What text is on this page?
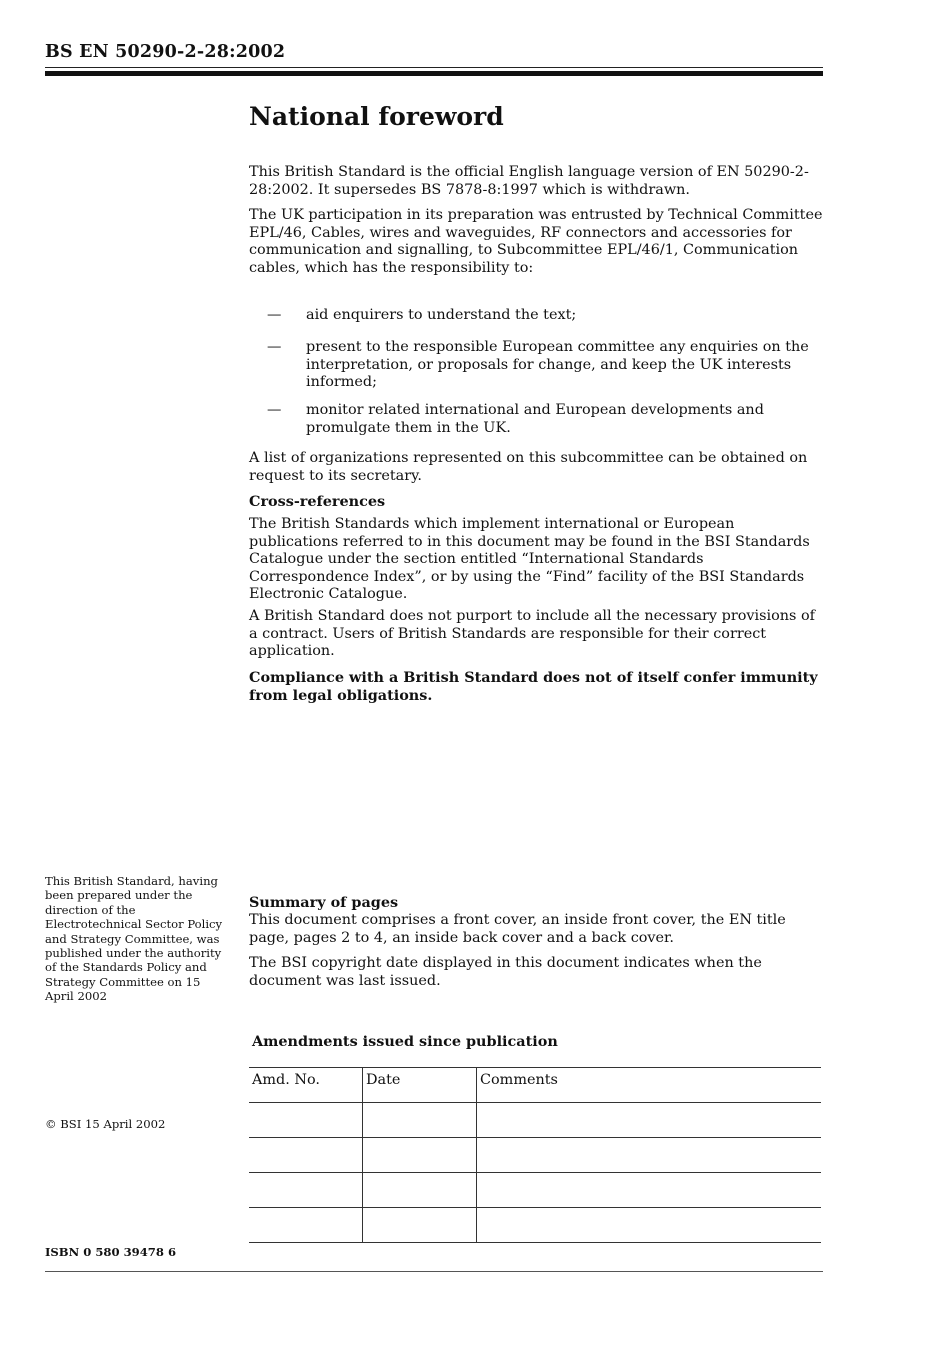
BS EN 50290-2-28:2002
National foreword

This British Standard is the official English language version of EN 50290-2-28:2002. It supersedes BS 7878-8:1997 which is withdrawn.

The UK participation in its preparation was entrusted by Technical Committee EPL/46, Cables, wires and waveguides, RF connectors and accessories for communication and signalling, to Subcommittee EPL/46/1, Communication cables, which has the responsibility to:

—	aid enquirers to understand the text;
—	present to the responsible European committee any enquiries on the interpretation, or proposals for change, and keep the UK interests informed;
—	monitor related international and European developments and promulgate them in the UK.

A list of organizations represented on this subcommittee can be obtained on request to its secretary.

Cross-references

The British Standards which implement international or European publications referred to in this document may be found in the BSI Standards Catalogue under the section entitled “International Standards Correspondence Index”, or by using the “Find” facility of the BSI Standards Electronic Catalogue.

A British Standard does not purport to include all the necessary provisions of a contract. Users of British Standards are responsible for their correct application.

Compliance with a British Standard does not of itself confer immunity from legal obligations.

This British Standard, having been prepared under the direction of the Electrotechnical Sector Policy and Strategy Committee, was published under the authority of the Standards Policy and Strategy Committee on 15 April 2002
Summary of pages

This document comprises a front cover, an inside front cover, the EN title page, pages 2 to 4, an inside back cover and a back cover.

The BSI copyright date displayed in this document indicates when the document was last issued.

Amendments issued since publication
Amd. No.	Date	Comments

© BSI 15 April 2002
ISBN 0 580 39478 6
